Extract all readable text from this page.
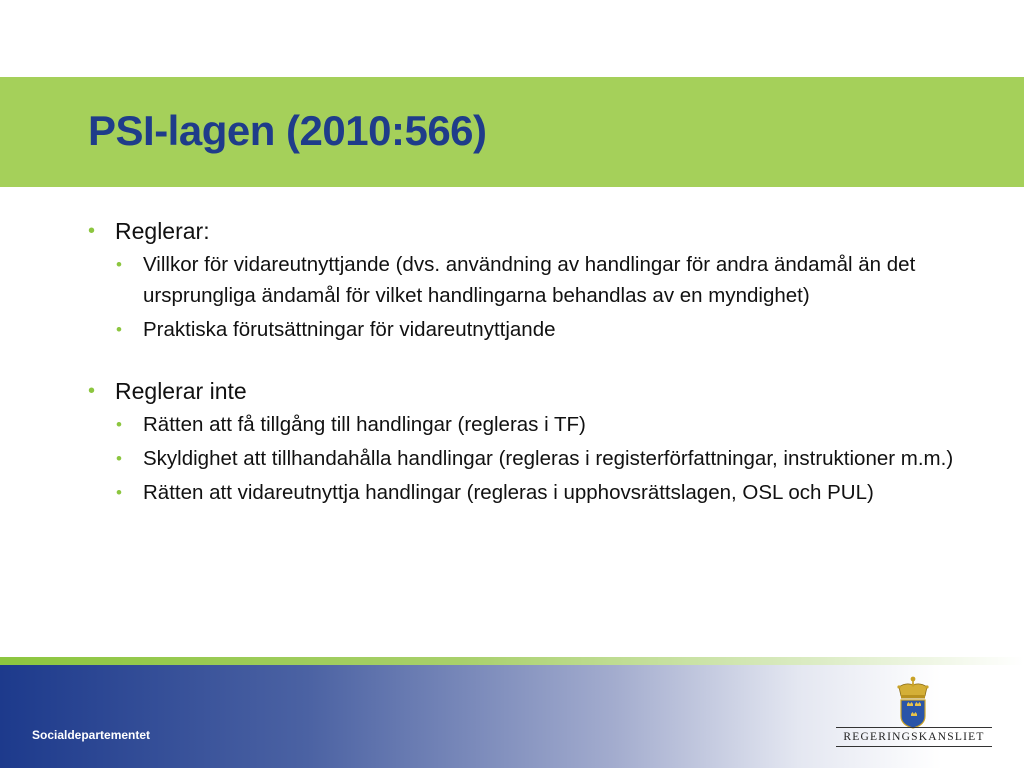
PSI-lagen (2010:566)
• Reglerar:
• Villkor för vidareutnyttjande (dvs. användning av handlingar för andra ändamål än det ursprungliga ändamål för vilket handlingarna behandlas av en myndighet)
• Praktiska förutsättningar för vidareutnyttjande
• Reglerar inte
• Rätten att få tillgång till handlingar (regleras i TF)
• Skyldighet att tillhandahålla handlingar (regleras i registerförfattningar, instruktioner m.m.)
• Rätten att vidareutnyttja handlingar (regleras i upphovsrättslagen, OSL och PUL)
Socialdepartementet	REGERINGSKANSLIET
